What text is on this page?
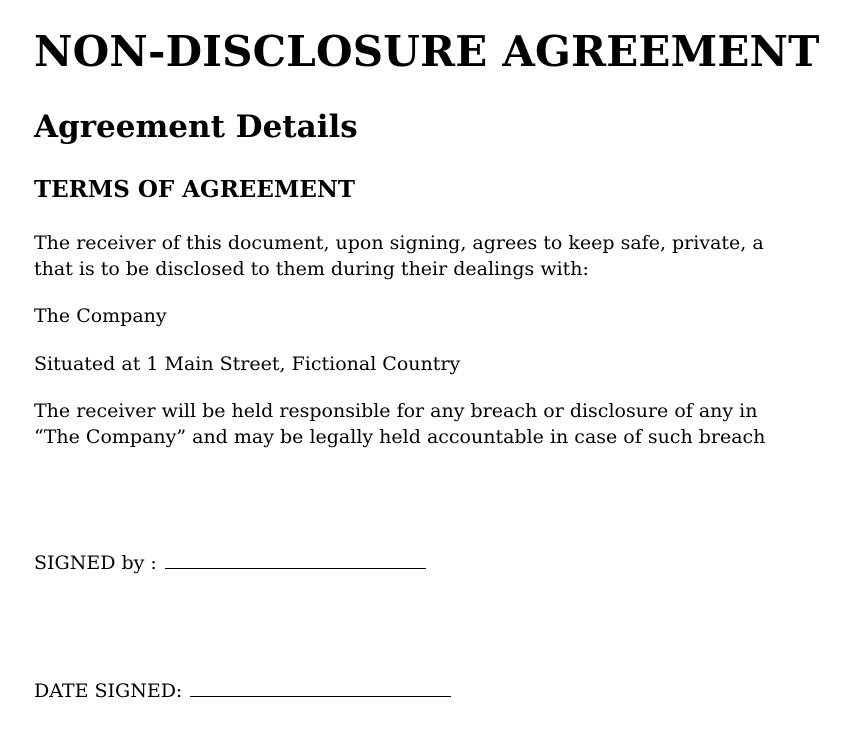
NON-DISCLOSURE AGREEMENT
Agreement Details
TERMS OF AGREEMENT
The receiver of this document, upon signing, agrees to keep safe, private, a
that is to be disclosed to them during their dealings with:
The Company
Situated at 1 Main Street, Fictional Country
The receiver will be held responsible for any breach or disclosure of any in
“The Company” and may be legally held accountable in case of such breach
SIGNED by :
DATE SIGNED:
